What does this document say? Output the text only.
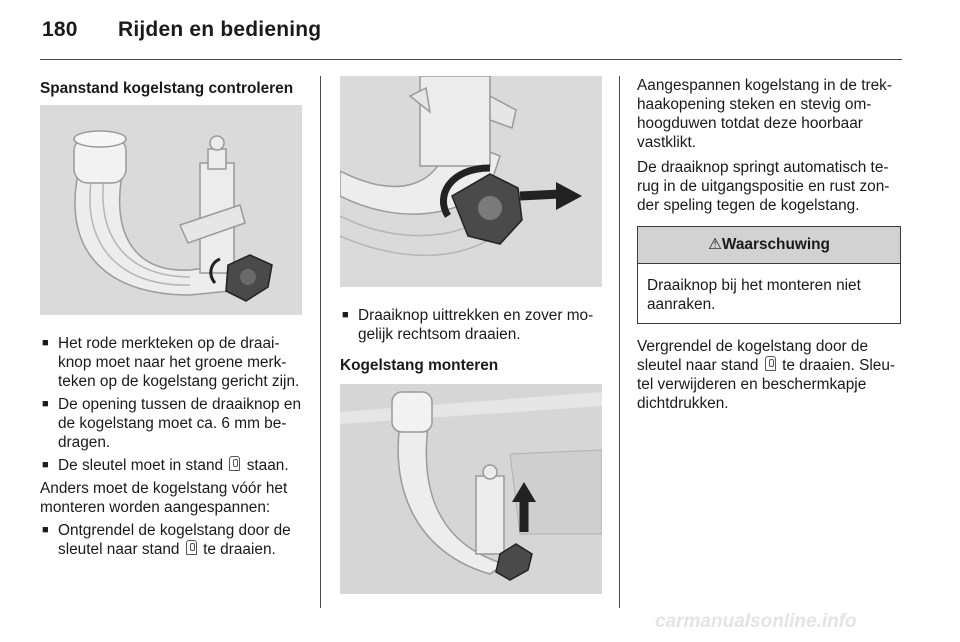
180 Rijden en bediening
Spanstand kogelstang controleren

■ Het rode merkteken op de draai-knop moet naar het groene merk-teken op de kogelstang gericht zijn.

■ De opening tussen de draaiknop en de kogelstang moet ca. 6 mm be-dragen.

■ De sleutel moet in stand staan.

Anders moet de kogelstang vóór het monteren worden aangespannen:

■ Ontgrendel de kogelstang door de sleutel naar stand te draaien.

■ Draaiknop uittrekken en zover mo-gelijk rechtsom draaien.

Kogelstang monteren

Aangespannen kogelstang in de trek-haakopening steken en stevig om-hoogduwen totdat deze hoorbaar vastklikt.

De draaiknop springt automatisch te-rug in de uitgangspositie en rust zon-der speling tegen de kogelstang.

⚠Waarschuwing
Draaiknop bij het monteren niet aanraken.

Vergrendel de kogelstang door de sleutel naar stand te draaien. Sleu-tel verwijderen en beschermkapje dichtdrukken.

carmanualsonline.info
